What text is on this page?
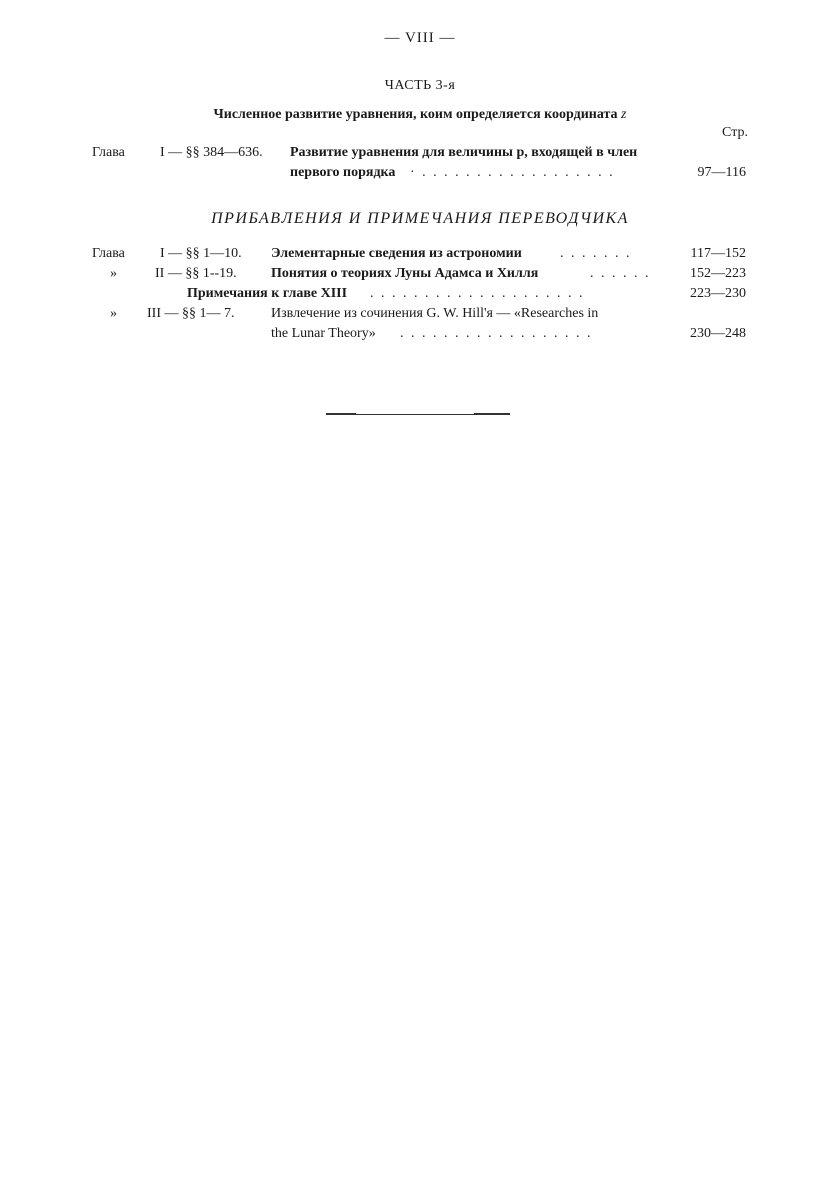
— VIII —
ЧАСТЬ 3-я
Численное развитие уравнения, коим определяется координата z
Стр.
Глава	I — §§ 384—636. Развитие уравнения для величины р, входящей в член
первого порядка · . . . . . . . . . . . . . . . . . .	97—116
ПРИБАВЛЕНИЯ И ПРИМЕЧАНИЯ ПЕРЕВОДЧИКА
Глава	I — §§ 1—10. Элементарные сведения из астрономии	. . . . . . .	117—152
»	II — §§ 1--19. Понятия о теориях Луны Адамса и Хилля	. . . . . .	152—223
Примечания к главе XIII . . . . . . . . . . . . . . . . . . . .	223—230
» III — §§ 1— 7.	Извлечение из сочинения G. W. Hill'я — «Researches in
the Lunar Theory» . . . . . . . . . . . . . . . . . .	230—248
